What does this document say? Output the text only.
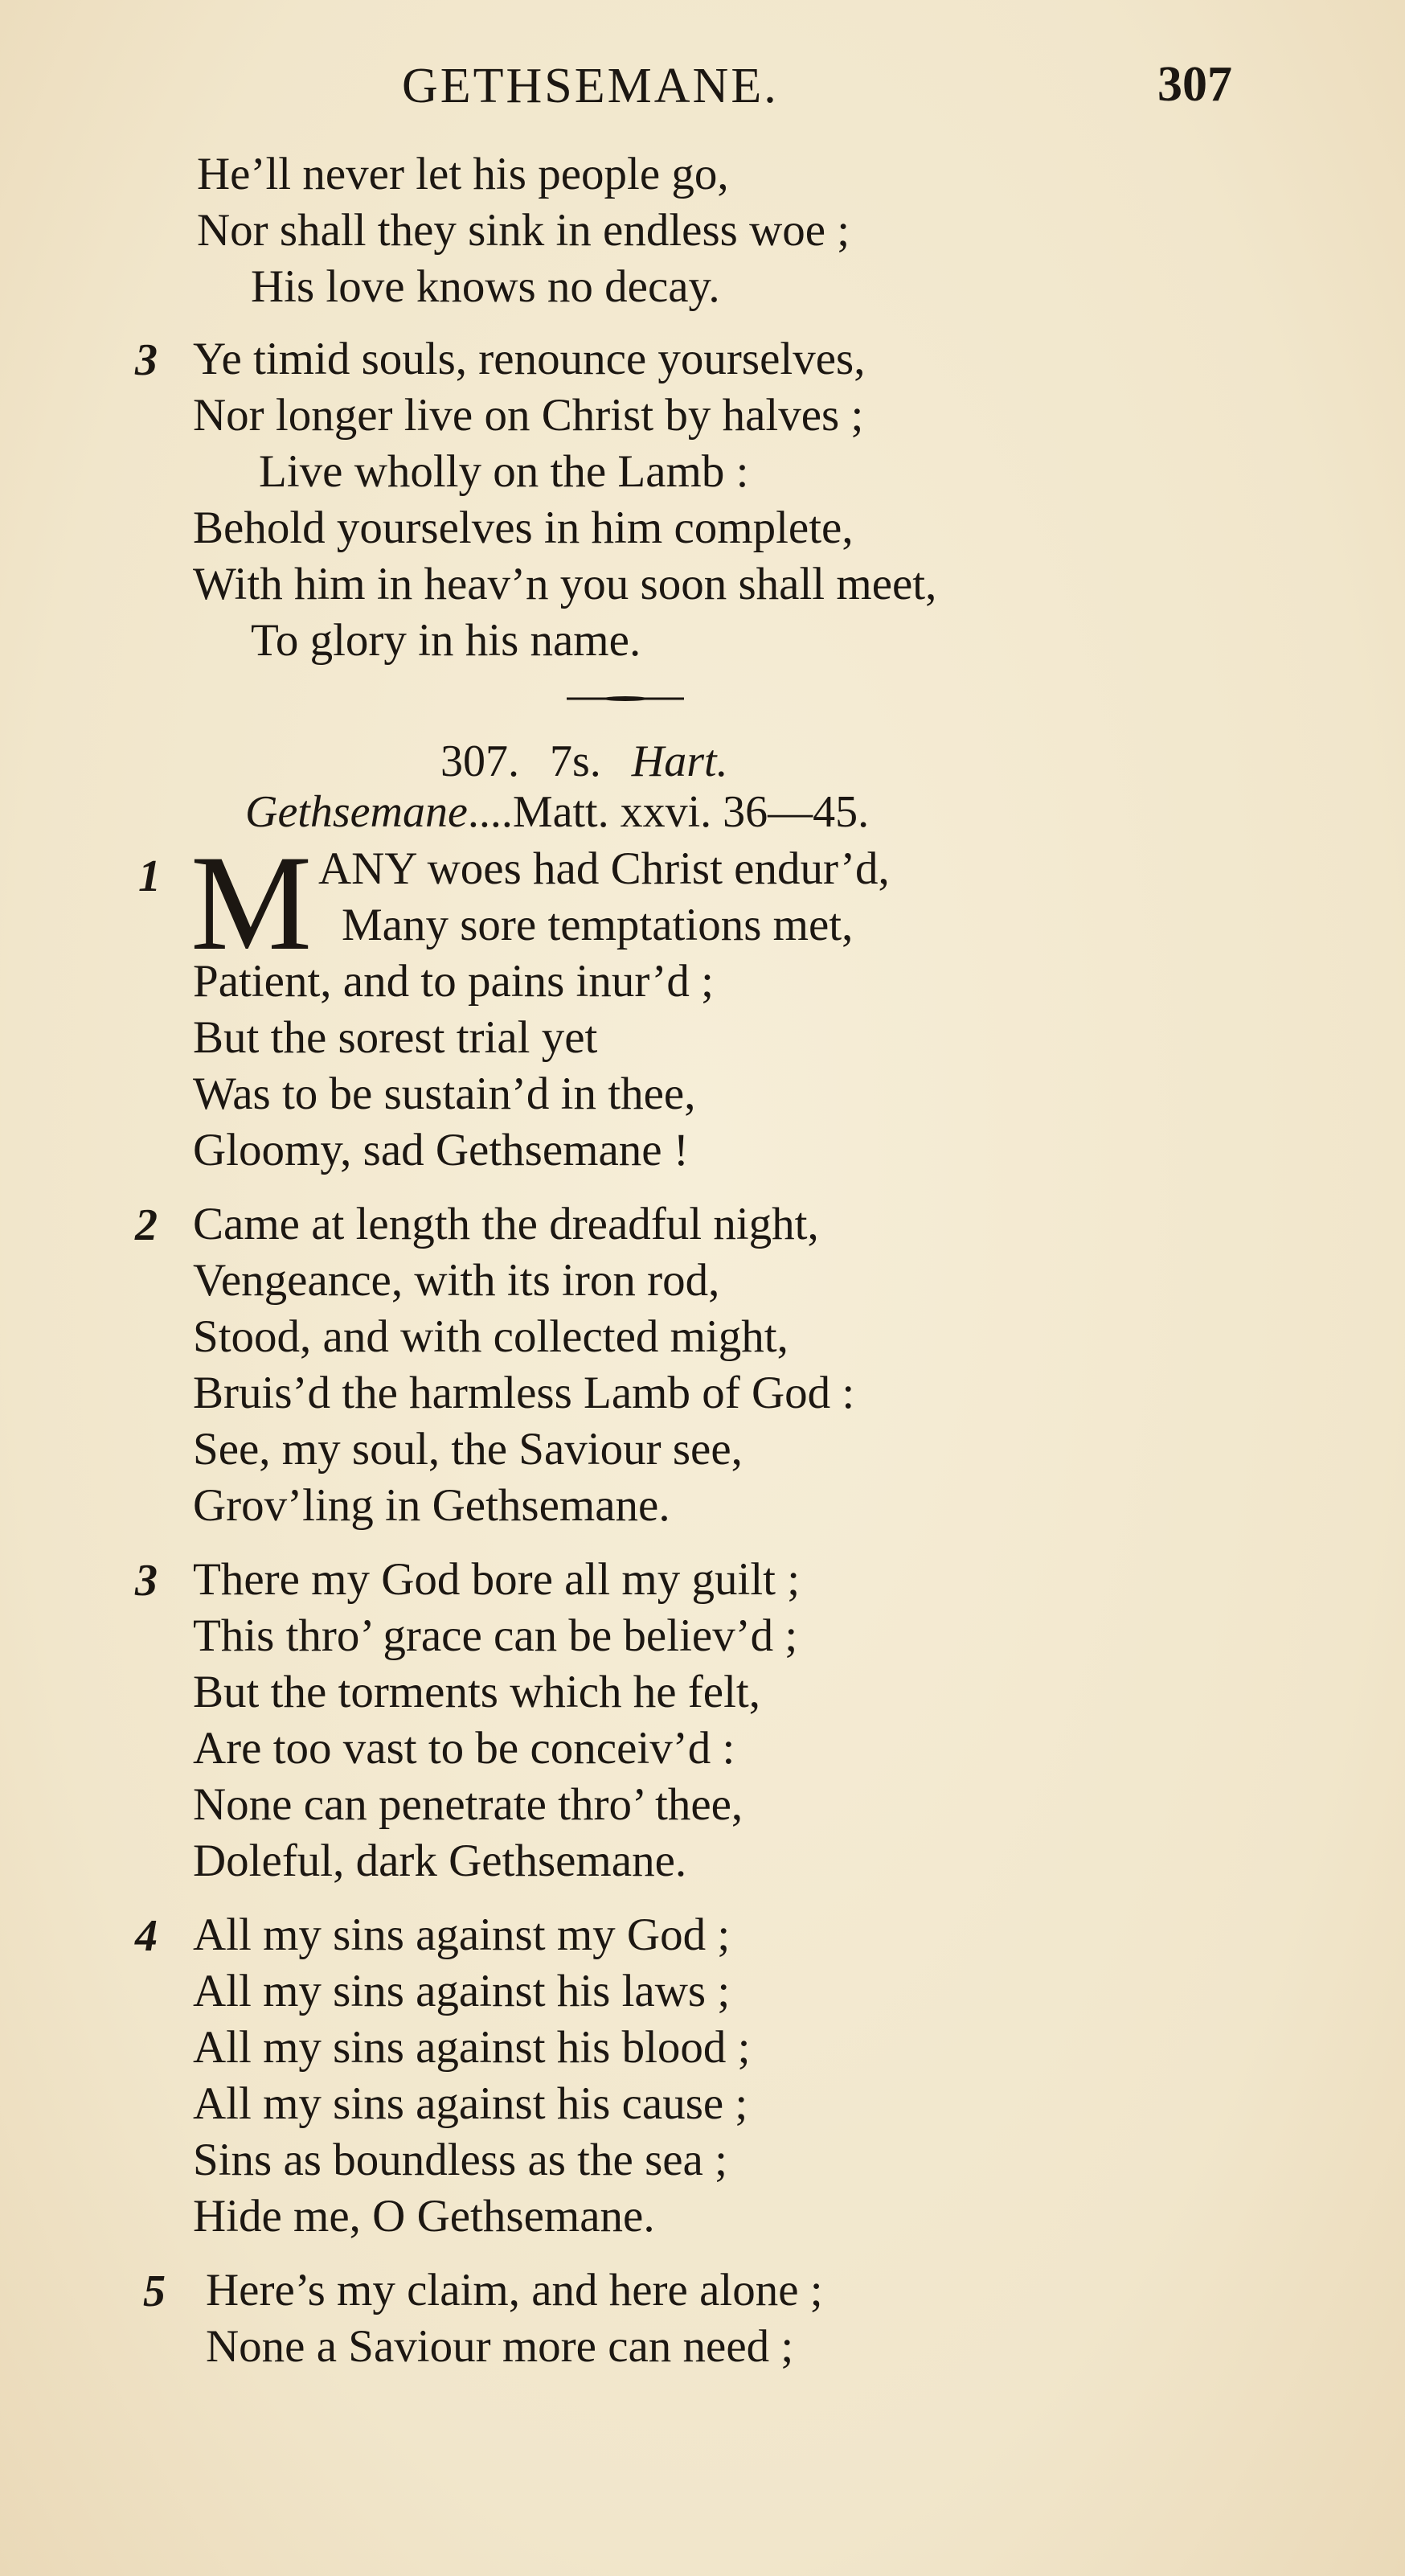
GETHSEMANE.	307
He’ll never let his people go,
Nor shall they sink in endless woe ;
His love knows no decay.
3 Ye timid souls, renounce yourselves,
Nor longer live on Christ by halves ;
Live wholly on the Lamb :
Behold yourselves in him complete,
With him in heav’n you soon shall meet,
To glory in his name.
307. 7s. Hart.
Gethsemane....Matt. xxvi. 36—45.
1 M ANY woes had Christ endur’d,
Many sore temptations met,
Patient, and to pains inur’d ;
But the sorest trial yet
Was to be sustain’d in thee,
Gloomy, sad Gethsemane !
2 Came at length the dreadful night,
Vengeance, with its iron rod,
Stood, and with collected might,
Bruis’d the harmless Lamb of God :
See, my soul, the Saviour see,
Grov’ling in Gethsemane.
3 There my God bore all my guilt ;
This thro’ grace can be believ’d ;
But the torments which he felt,
Are too vast to be conceiv’d :
None can penetrate thro’ thee,
Doleful, dark Gethsemane.
4 All my sins against my God ;
All my sins against his laws ;
All my sins against his blood ;
All my sins against his cause ;
Sins as boundless as the sea ;
Hide me, O Gethsemane.
5 Here’s my claim, and here alone ;
None a Saviour more can need ;
